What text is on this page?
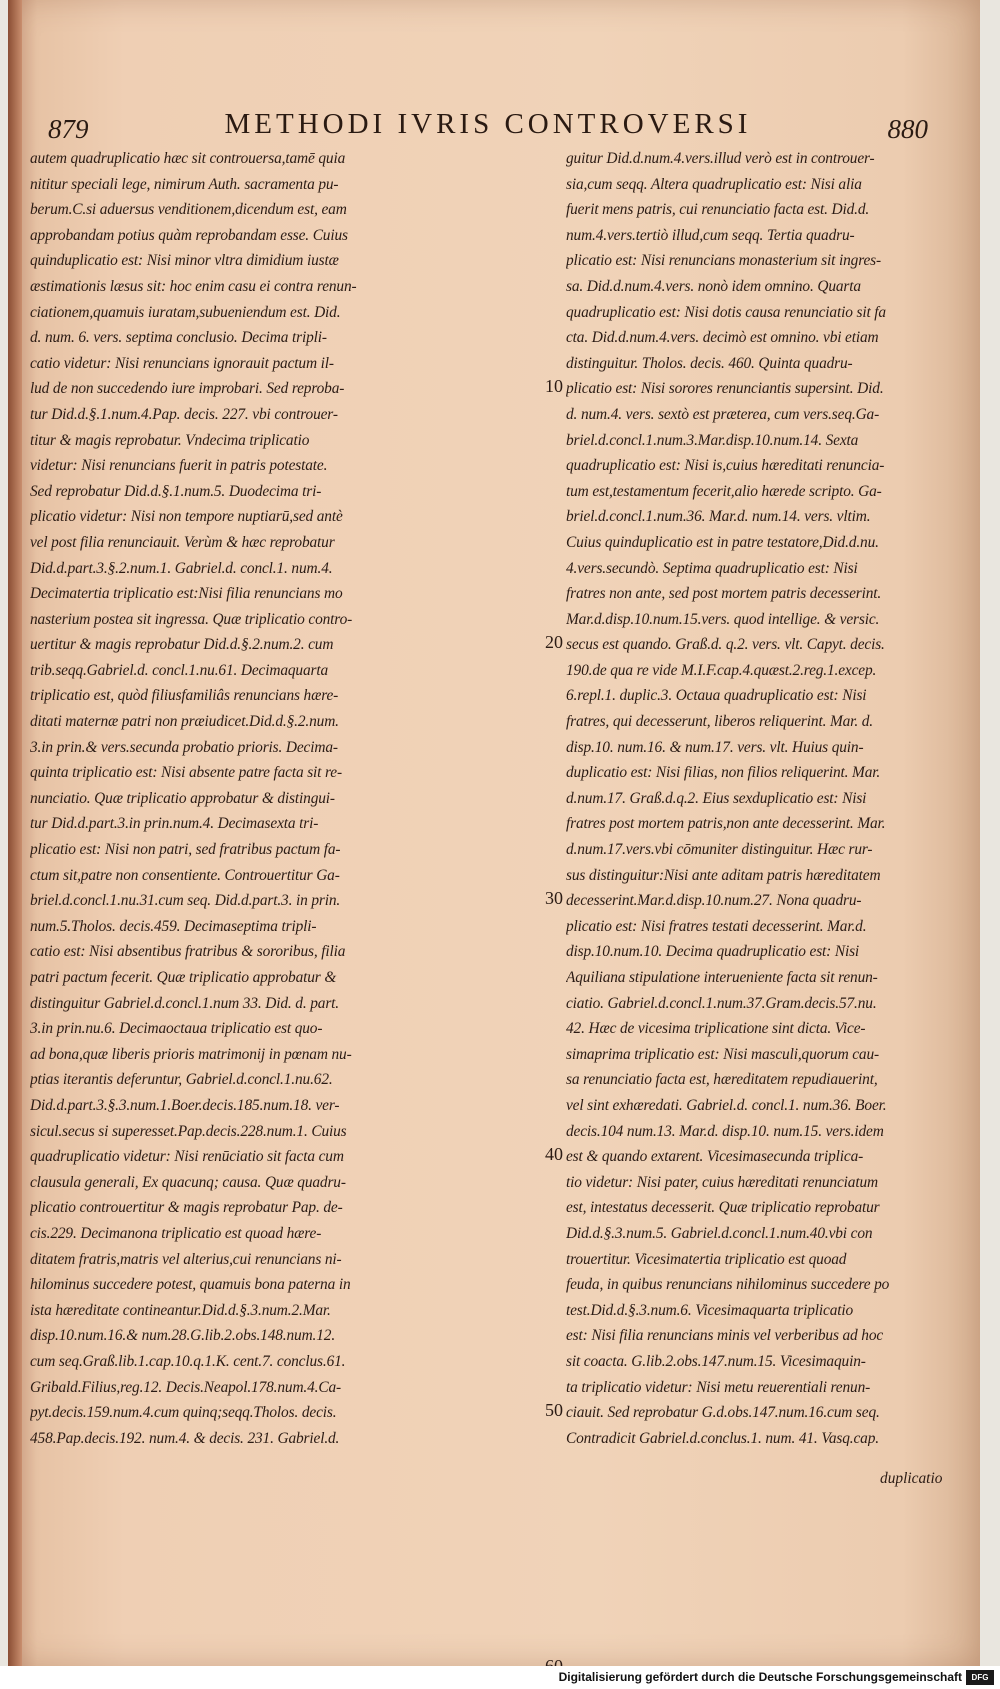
879	METHODI IVRIS CONTROVERSI	880
autem quadruplicatio hæc sit controuersa,tamē quia
nititur speciali lege, nimirum Auth. sacramenta pu-
berum.C.si aduersus venditionem,dicendum est, eam
approbandam potius quàm reprobandam esse. Cuius
quinduplicatio est: Nisi minor vltra dimidium iustæ
æstimationis læsus sit: hoc enim casu ei contra renun-
ciationem,quamuis iuratam,subueniendum est. Did.
d. num. 6. vers. septima conclusio. Decima tripli-
catio videtur: Nisi renuncians ignorauit pactum il-
lud de non succedendo iure improbari. Sed reproba-
tur Did.d.§.1.num.4.Pap. decis. 227. vbi controuer-
titur & magis reprobatur. Vndecima triplicatio
videtur: Nisi renuncians fuerit in patris potestate.
Sed reprobatur Did.d.§.1.num.5. Duodecima tri-
plicatio videtur: Nisi non tempore nuptiarū,sed antè
vel post filia renunciauit. Verùm & hæc reprobatur
Did.d.part.3.§.2.num.1. Gabriel.d. concl.1. num.4.
Decimatertia triplicatio est:Nisi filia renuncians mo
nasterium postea sit ingressa. Quæ triplicatio contro-
uertitur & magis reprobatur Did.d.§.2.num.2. cum
trib.seqq.Gabriel.d. concl.1.nu.61. Decimaquarta
triplicatio est, quòd filiusfamiliâs renuncians hære-
ditati maternæ patri non præiudicet.Did.d.§.2.num.
3.in prin.& vers.secunda probatio prioris. Decima-
quinta triplicatio est: Nisi absente patre facta sit re-
nunciatio. Quæ triplicatio approbatur & distingui-
tur Did.d.part.3.in prin.num.4. Decimasexta tri-
plicatio est: Nisi non patri, sed fratribus pactum fa-
ctum sit,patre non consentiente. Controuertitur Ga-
briel.d.concl.1.nu.31.cum seq. Did.d.part.3. in prin.
num.5.Tholos. decis.459. Decimaseptima tripli-
catio est: Nisi absentibus fratribus & sororibus, filia
patri pactum fecerit. Quæ triplicatio approbatur &
distinguitur Gabriel.d.concl.1.num 33. Did. d. part.
3.in prin.nu.6. Decimaoctaua triplicatio est quo-
ad bona,quæ liberis prioris matrimonij in pœnam nu-
ptias iterantis deferuntur, Gabriel.d.concl.1.nu.62.
Did.d.part.3.§.3.num.1.Boer.decis.185.num.18. ver-
sicul.secus si superesset.Pap.decis.228.num.1. Cuius
quadruplicatio videtur: Nisi renūciatio sit facta cum
clausula generali, Ex quacunq; causa. Quæ quadru-
plicatio controuertitur & magis reprobatur Pap. de-
cis.229. Decimanona triplicatio est quoad hære-
ditatem fratris,matris vel alterius,cui renuncians ni-
hilominus succedere potest, quamuis bona paterna in
ista hæreditate contineantur.Did.d.§.3.num.2.Mar.
disp.10.num.16.& num.28.G.lib.2.obs.148.num.12.
cum seq.Graß.lib.1.cap.10.q.1.K. cent.7. conclus.61.
Gribald.Filius,reg.12. Decis.Neapol.178.num.4.Ca-
pyt.decis.159.num.4.cum quinq;seqq.Tholos. decis.
458.Pap.decis.192. num.4. & decis. 231. Gabriel.d.
10
20
30
40
50
guitur Did.d.num.4.vers.illud verò est in controuer-
sia,cum seqq. Altera quadruplicatio est: Nisi alia
fuerit mens patris, cui renunciatio facta est. Did.d.
num.4.vers.tertiò illud,cum seqq. Tertia quadru-
plicatio est: Nisi renuncians monasterium sit ingres-
sa. Did.d.num.4.vers. nonò idem omnino. Quarta
quadruplicatio est: Nisi dotis causa renunciatio sit fa
cta. Did.d.num.4.vers. decimò est omnino. vbi etiam
distinguitur. Tholos. decis. 460. Quinta quadru-
plicatio est: Nisi sorores renunciantis supersint. Did.
d. num.4. vers. sextò est præterea, cum vers.seq.Ga-
briel.d.concl.1.num.3.Mar.disp.10.num.14. Sexta
quadruplicatio est: Nisi is,cuius hæreditati renuncia-
tum est,testamentum fecerit,alio hærede scripto. Ga-
briel.d.concl.1.num.36. Mar.d. num.14. vers. vltim.
Cuius quinduplicatio est in patre testatore,Did.d.nu.
4.vers.secundò. Septima quadruplicatio est: Nisi
fratres non ante, sed post mortem patris decesserint.
Mar.d.disp.10.num.15.vers. quod intellige. & versic.
secus est quando. Graß.d. q.2. vers. vlt. Capyt. decis.
190.de qua re vide M.I.F.cap.4.quæst.2.reg.1.excep.
6.repl.1. duplic.3. Octaua quadruplicatio est: Nisi
fratres, qui decesserunt, liberos reliquerint. Mar. d.
disp.10. num.16. & num.17. vers. vlt. Huius quin-
duplicatio est: Nisi filias, non filios reliquerint. Mar.
d.num.17. Graß.d.q.2. Eius sexduplicatio est: Nisi
fratres post mortem patris,non ante decesserint. Mar.
d.num.17.vers.vbi cōmuniter distinguitur. Hæc rur-
sus distinguitur:Nisi ante aditam patris hæreditatem
decesserint.Mar.d.disp.10.num.27. Nona quadru-
plicatio est: Nisi fratres testati decesserint. Mar.d.
disp.10.num.10. Decima quadruplicatio est: Nisi
Aquiliana stipulatione interueniente facta sit renun-
ciatio. Gabriel.d.concl.1.num.37.Gram.decis.57.nu.
42. Hæc de vicesima triplicatione sint dicta. Vice-
simaprima triplicatio est: Nisi masculi,quorum cau-
sa renunciatio facta est, hæreditatem repudiauerint,
vel sint exhæredati. Gabriel.d. concl.1. num.36. Boer.
decis.104 num.13. Mar.d. disp.10. num.15. vers.idem
est & quando extarent. Vicesimasecunda triplica-
tio videtur: Nisi pater, cuius hæreditati renunciatum
est, intestatus decesserit. Quæ triplicatio reprobatur
Did.d.§.3.num.5. Gabriel.d.concl.1.num.40.vbi con
trouertitur. Vicesimatertia triplicatio est quoad
feuda, in quibus renuncians nihilominus succedere po
test.Did.d.§.3.num.6. Vicesimaquarta triplicatio
est: Nisi filia renuncians minis vel verberibus ad hoc
sit coacta. G.lib.2.obs.147.num.15. Vicesimaquin-
ta triplicatio videtur: Nisi metu reuerentiali renun-
ciauit. Sed reprobatur G.d.obs.147.num.16.cum seq.
Contradicit Gabriel.d.conclus.1. num. 41. Vasq.cap.
duplicatio
Digitalisierung gefördert durch die Deutsche Forschungsgemeinschaft	DFG
